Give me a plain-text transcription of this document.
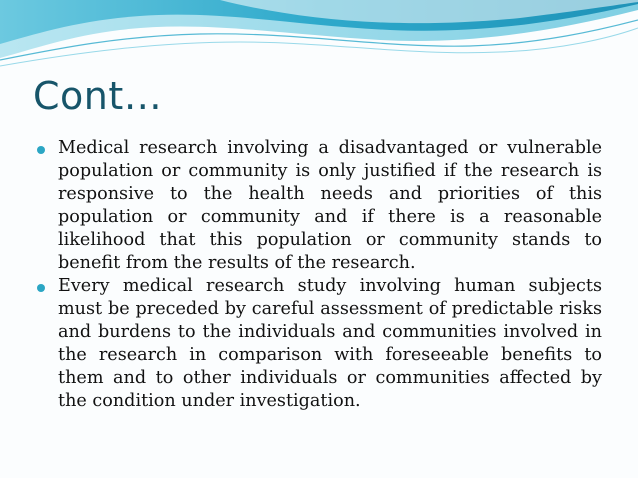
Cont…
Medical research involving a disadvantaged or vulnerable population or community is only justified if the research is responsive to the health needs and priorities of this population or community and if there is a reasonable likelihood that this population or community stands to benefit from the results of the research.
Every medical research study involving human subjects must be preceded by careful assessment of predictable risks and burdens to the individuals and communities involved in the research in comparison with foreseeable benefits to them and to other individuals or communities affected by the condition under investigation.
